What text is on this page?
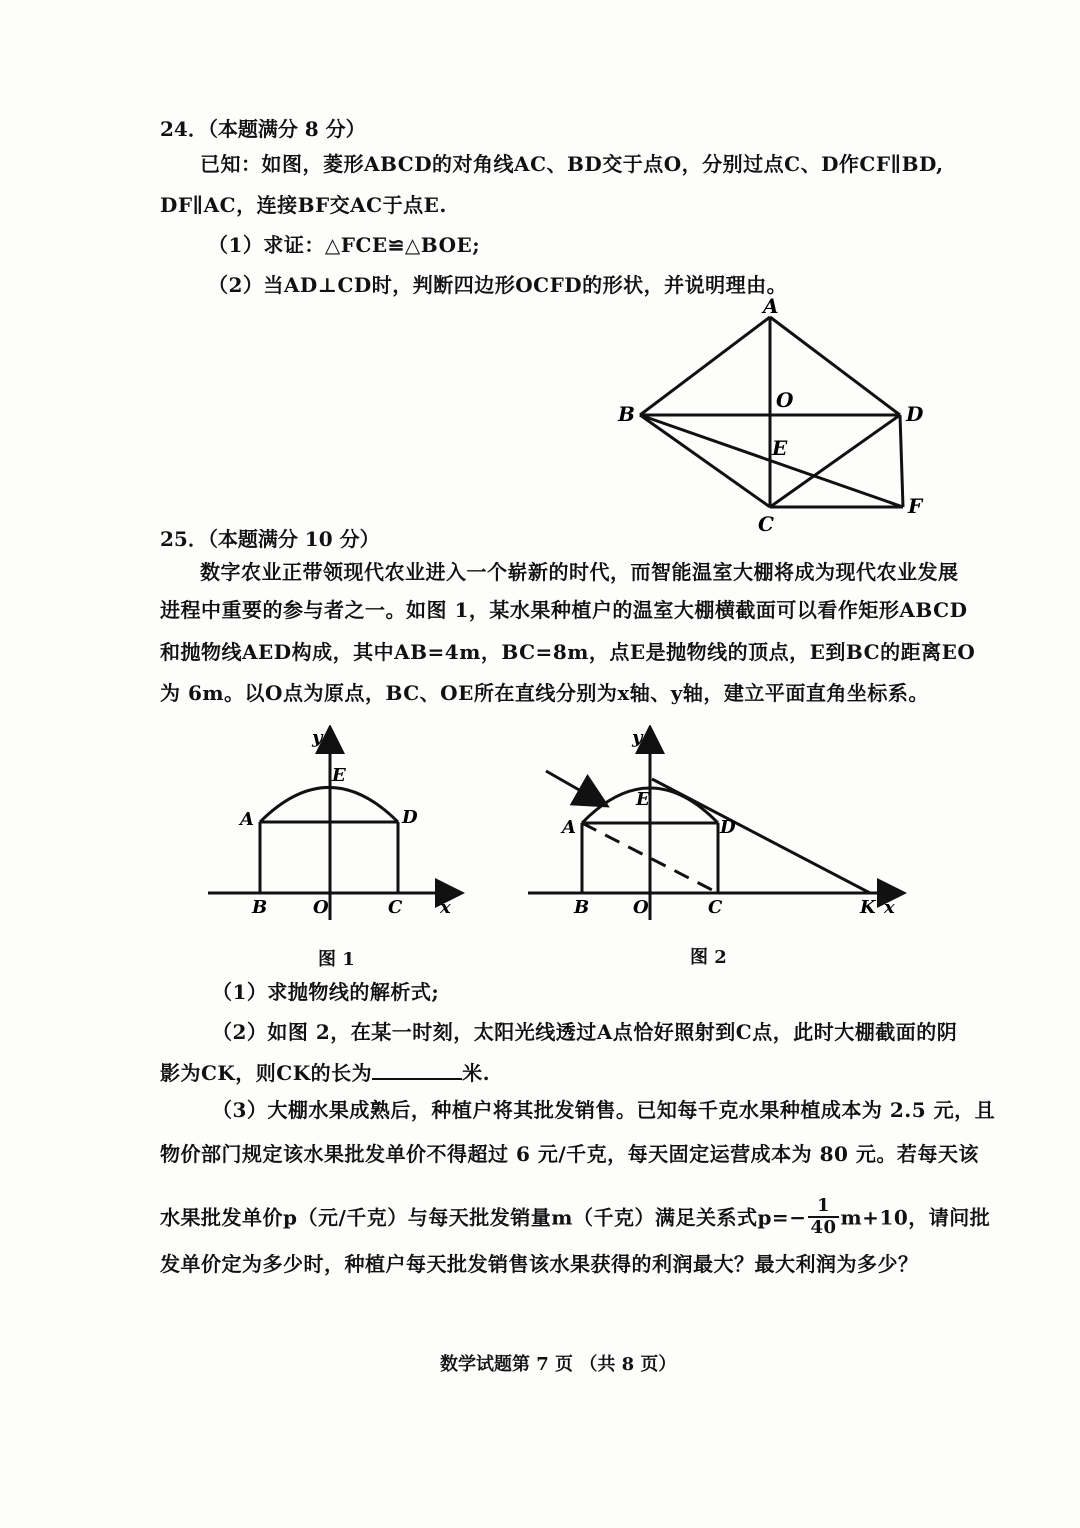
24．（本题满分 8 分）
已知：如图，菱形ABCD的对角线AC、BD交于点O，分别过点C、D作CF∥BD,
DF∥AC，连接BF交AC于点E.
（1）求证：△FCE≌△BOE;
（2）当AD⊥CD时，判断四边形OCFD的形状，并说明理由。
A
B
C
D
O
E
F
25．（本题满分 10 分）
数字农业正带领现代农业进入一个崭新的时代，而智能温室大棚将成为现代农业发展
进程中重要的参与者之一。如图 1，某水果种植户的温室大棚横截面可以看作矩形ABCD
和抛物线AED构成，其中AB=4m，BC=8m，点E是抛物线的顶点，E到BC的距离EO
为 6m。以O点为原点，BC、OE所在直线分别为x轴、y轴，建立平面直角坐标系。
y
x
A
B	C
D
E
O
图 1
y
x
A
B	C
D
E
O	K
图 2
（1）求抛物线的解析式;
（2）如图 2，在某一时刻，太阳光线透过A点恰好照射到C点，此时大棚截面的阴
影为CK，则CK的长为	米.
（3）大棚水果成熟后，种植户将其批发销售。已知每千克水果种植成本为 2.5 元，且
物价部门规定该水果批发单价不得超过 6 元/千克，每天固定运营成本为 80 元。若每天该
水果批发单价p（元/千克）与每天批发销量m（千克）满足关系式$p=- \frac{1}{40} m+10$，请问批
发单价定为多少时，种植户每天批发销售该水果获得的利润最大？最大利润为多少？
数学试题第 7 页 （共 8 页）
